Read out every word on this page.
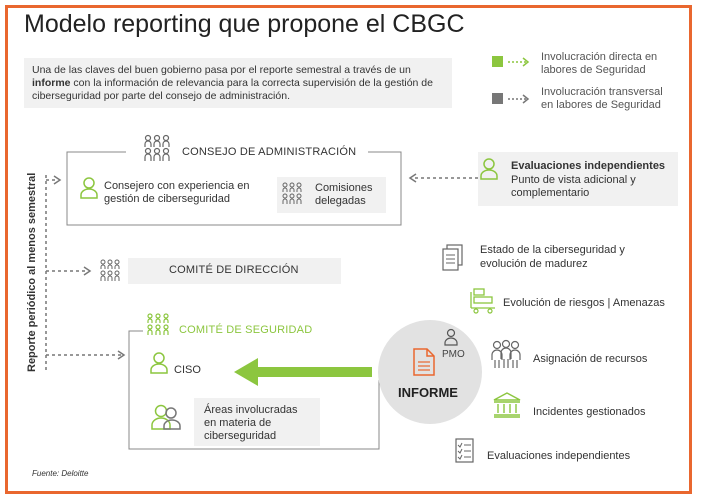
Modelo reporting que propone el CBGC
Una de las claves del buen gobierno pasa por el reporte semestral a través de un informe con la información de relevancia para la correcta supervisión de la gestión de ciberseguridad por parte del consejo de administración.
Involucración directa en
labores de Seguridad
Involucración transversal
en labores de Seguridad
Reporte periódico al menos semestral
CONSEJO DE ADMINISTRACIÓN
Consejero con experiencia en
gestión de ciberseguridad
Comisiones
delegadas
Evaluaciones independientes
Punto de vista adicional y
complementario
COMITÉ DE DIRECCIÓN
COMITÉ DE SEGURIDAD
CISO
Áreas involucradas
en materia de
ciberseguridad
PMO
INFORME
Estado de la ciberseguridad y
evolución de madurez
Evolución de riesgos | Amenazas
Asignación de recursos
Incidentes gestionados
Evaluaciones independientes
Fuente: Deloitte
